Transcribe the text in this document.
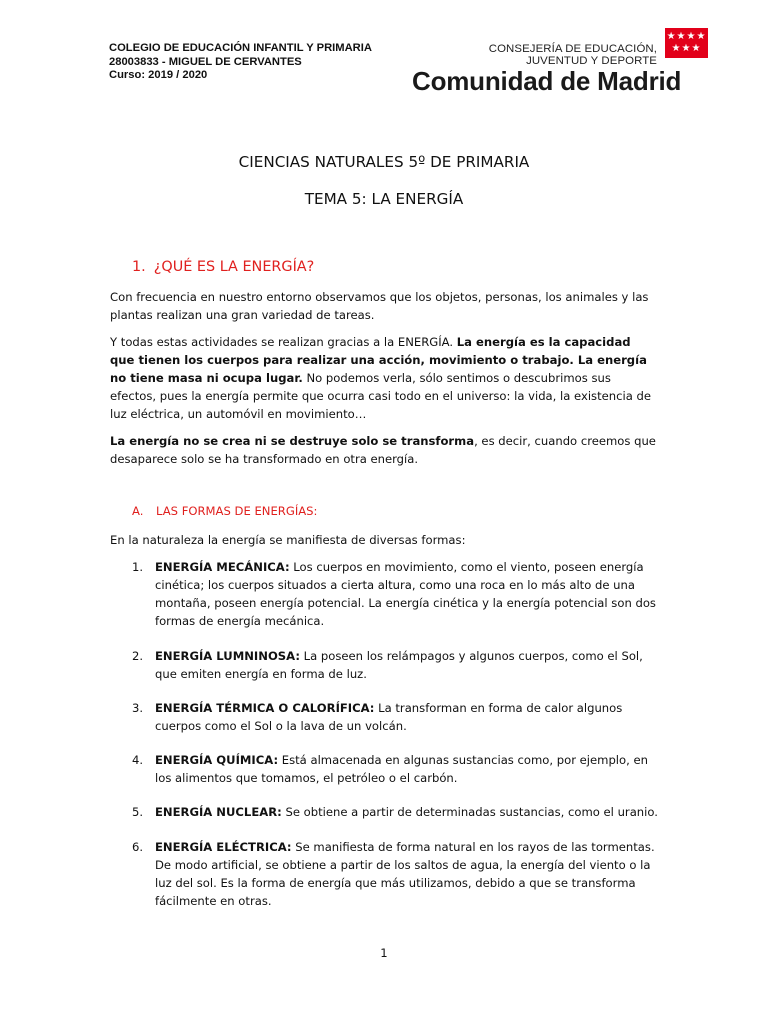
COLEGIO DE EDUCACIÓN INFANTIL Y PRIMARIA
28003833 - MIGUEL DE CERVANTES
Curso: 2019 / 2020
CONSEJERÍA DE EDUCACIÓN,
JUVENTUD Y DEPORTE
★★★★
★★★
Comunidad de Madrid
CIENCIAS NATURALES 5º DE PRIMARIA
TEMA 5: LA ENERGÍA
1. ¿QUÉ ES LA ENERGÍA?
Con frecuencia en nuestro entorno observamos que los objetos, personas, los animales y las plantas realizan una gran variedad de tareas.
Y todas estas actividades se realizan gracias a la ENERGÍA. La energía es la capacidad que tienen los cuerpos para realizar una acción, movimiento o trabajo. La energía no tiene masa ni ocupa lugar. No podemos verla, sólo sentimos o descubrimos sus efectos, pues la energía permite que ocurra casi todo en el universo: la vida, la existencia de luz eléctrica, un automóvil en movimiento…
La energía no se crea ni se destruye solo se transforma, es decir, cuando creemos que desaparece solo se ha transformado en otra energía.
A. LAS FORMAS DE ENERGÍAS:
En la naturaleza la energía se manifiesta de diversas formas:
1. ENERGÍA MECÁNICA: Los cuerpos en movimiento, como el viento, poseen energía cinética; los cuerpos situados a cierta altura, como una roca en lo más alto de una montaña, poseen energía potencial. La energía cinética y la energía potencial son dos formas de energía mecánica.
2. ENERGÍA LUMNINOSA: La poseen los relámpagos y algunos cuerpos, como el Sol, que emiten energía en forma de luz.
3. ENERGÍA TÉRMICA O CALORÍFICA: La transforman en forma de calor algunos cuerpos como el Sol o la lava de un volcán.
4. ENERGÍA QUÍMICA: Está almacenada en algunas sustancias como, por ejemplo, en los alimentos que tomamos, el petróleo o el carbón.
5. ENERGÍA NUCLEAR: Se obtiene a partir de determinadas sustancias, como el uranio.
6. ENERGÍA ELÉCTRICA: Se manifiesta de forma natural en los rayos de las tormentas. De modo artificial, se obtiene a partir de los saltos de agua, la energía del viento o la luz del sol. Es la forma de energía que más utilizamos, debido a que se transforma fácilmente en otras.
1
